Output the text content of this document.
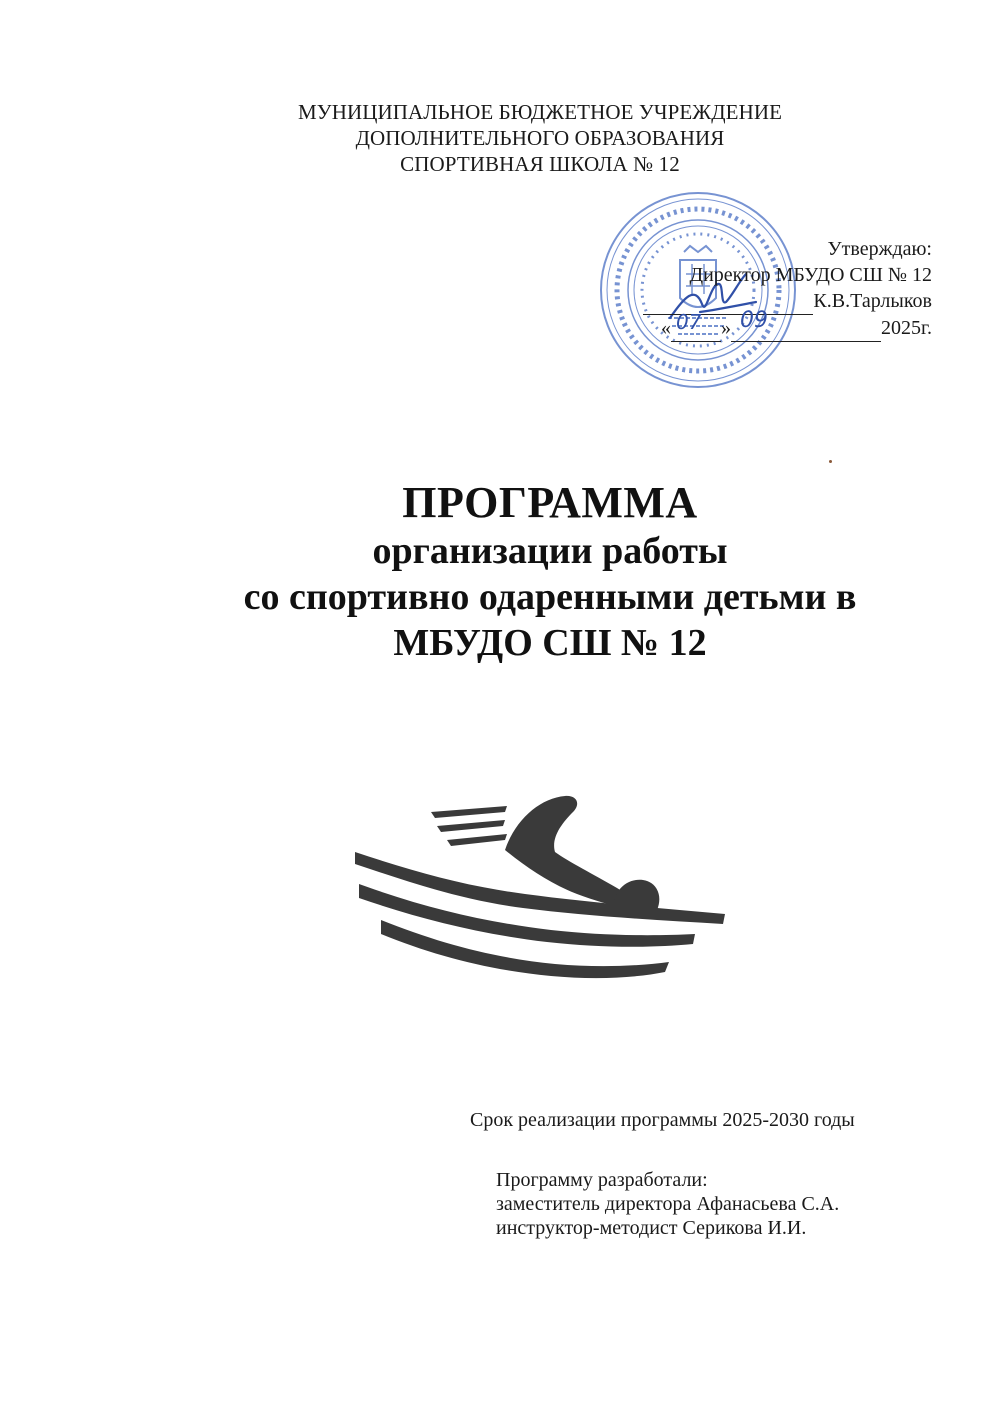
МУНИЦИПАЛЬНОЕ БЮДЖЕТНОЕ УЧРЕЖДЕНИЕ
ДОПОЛНИТЕЛЬНОГО ОБРАЗОВАНИЯ
СПОРТИВНАЯ ШКОЛА № 12
Утверждаю:
Директор МБУДО СШ № 12
К.В.Тарлыков
«	»	2025г.
07 09
ПРОГРАММА
организации работы
со спортивно одаренными детьми в
МБУДО СШ № 12
Срок реализации программы 2025-2030 годы
Программу разработали:
заместитель директора Афанасьева С.А.
инструктор-методист Серикова И.И.
